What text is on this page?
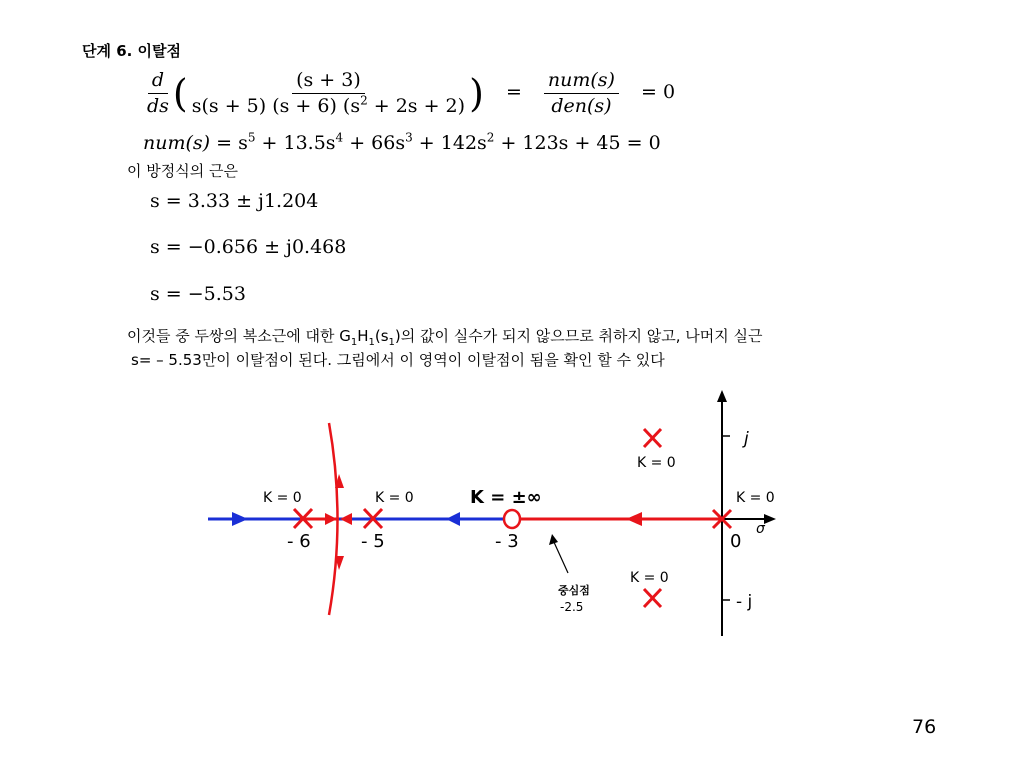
단계 6. 이탈점
$\frac{d}{ds}$ ( $\frac{(s + 3)}{s(s + 5) (s + 6) (s^2 + 2s + 2)}$ ) = $\frac{\text{num(s)}}{\text{den(s)}} = 0$
$num(s) = s^5 + 13.5s^4 + 66s^3 + 142s^2 + 123s + 45 = 0$
이 방정식의 근은
s = 3.33 ± j1.204
s = −0.656 ± j0.468
s = −5.53
이것들 중 두쌍의 복소근에 대한 $G_1H_1(s_1)$의 값이 실수가 되지 않으므로 취하지 않고, 나머지 실근
s= – 5.53만이 이탈점이 된다. 그림에서 이 영역이 이탈점이 됨을 확인 할 수 있다
K = 0	K = 0	K = ±∞
K = 0
K = 0
K = 0
- 6	- 5	- 3	0
j
- j
σ
중심점
-2.5
76
